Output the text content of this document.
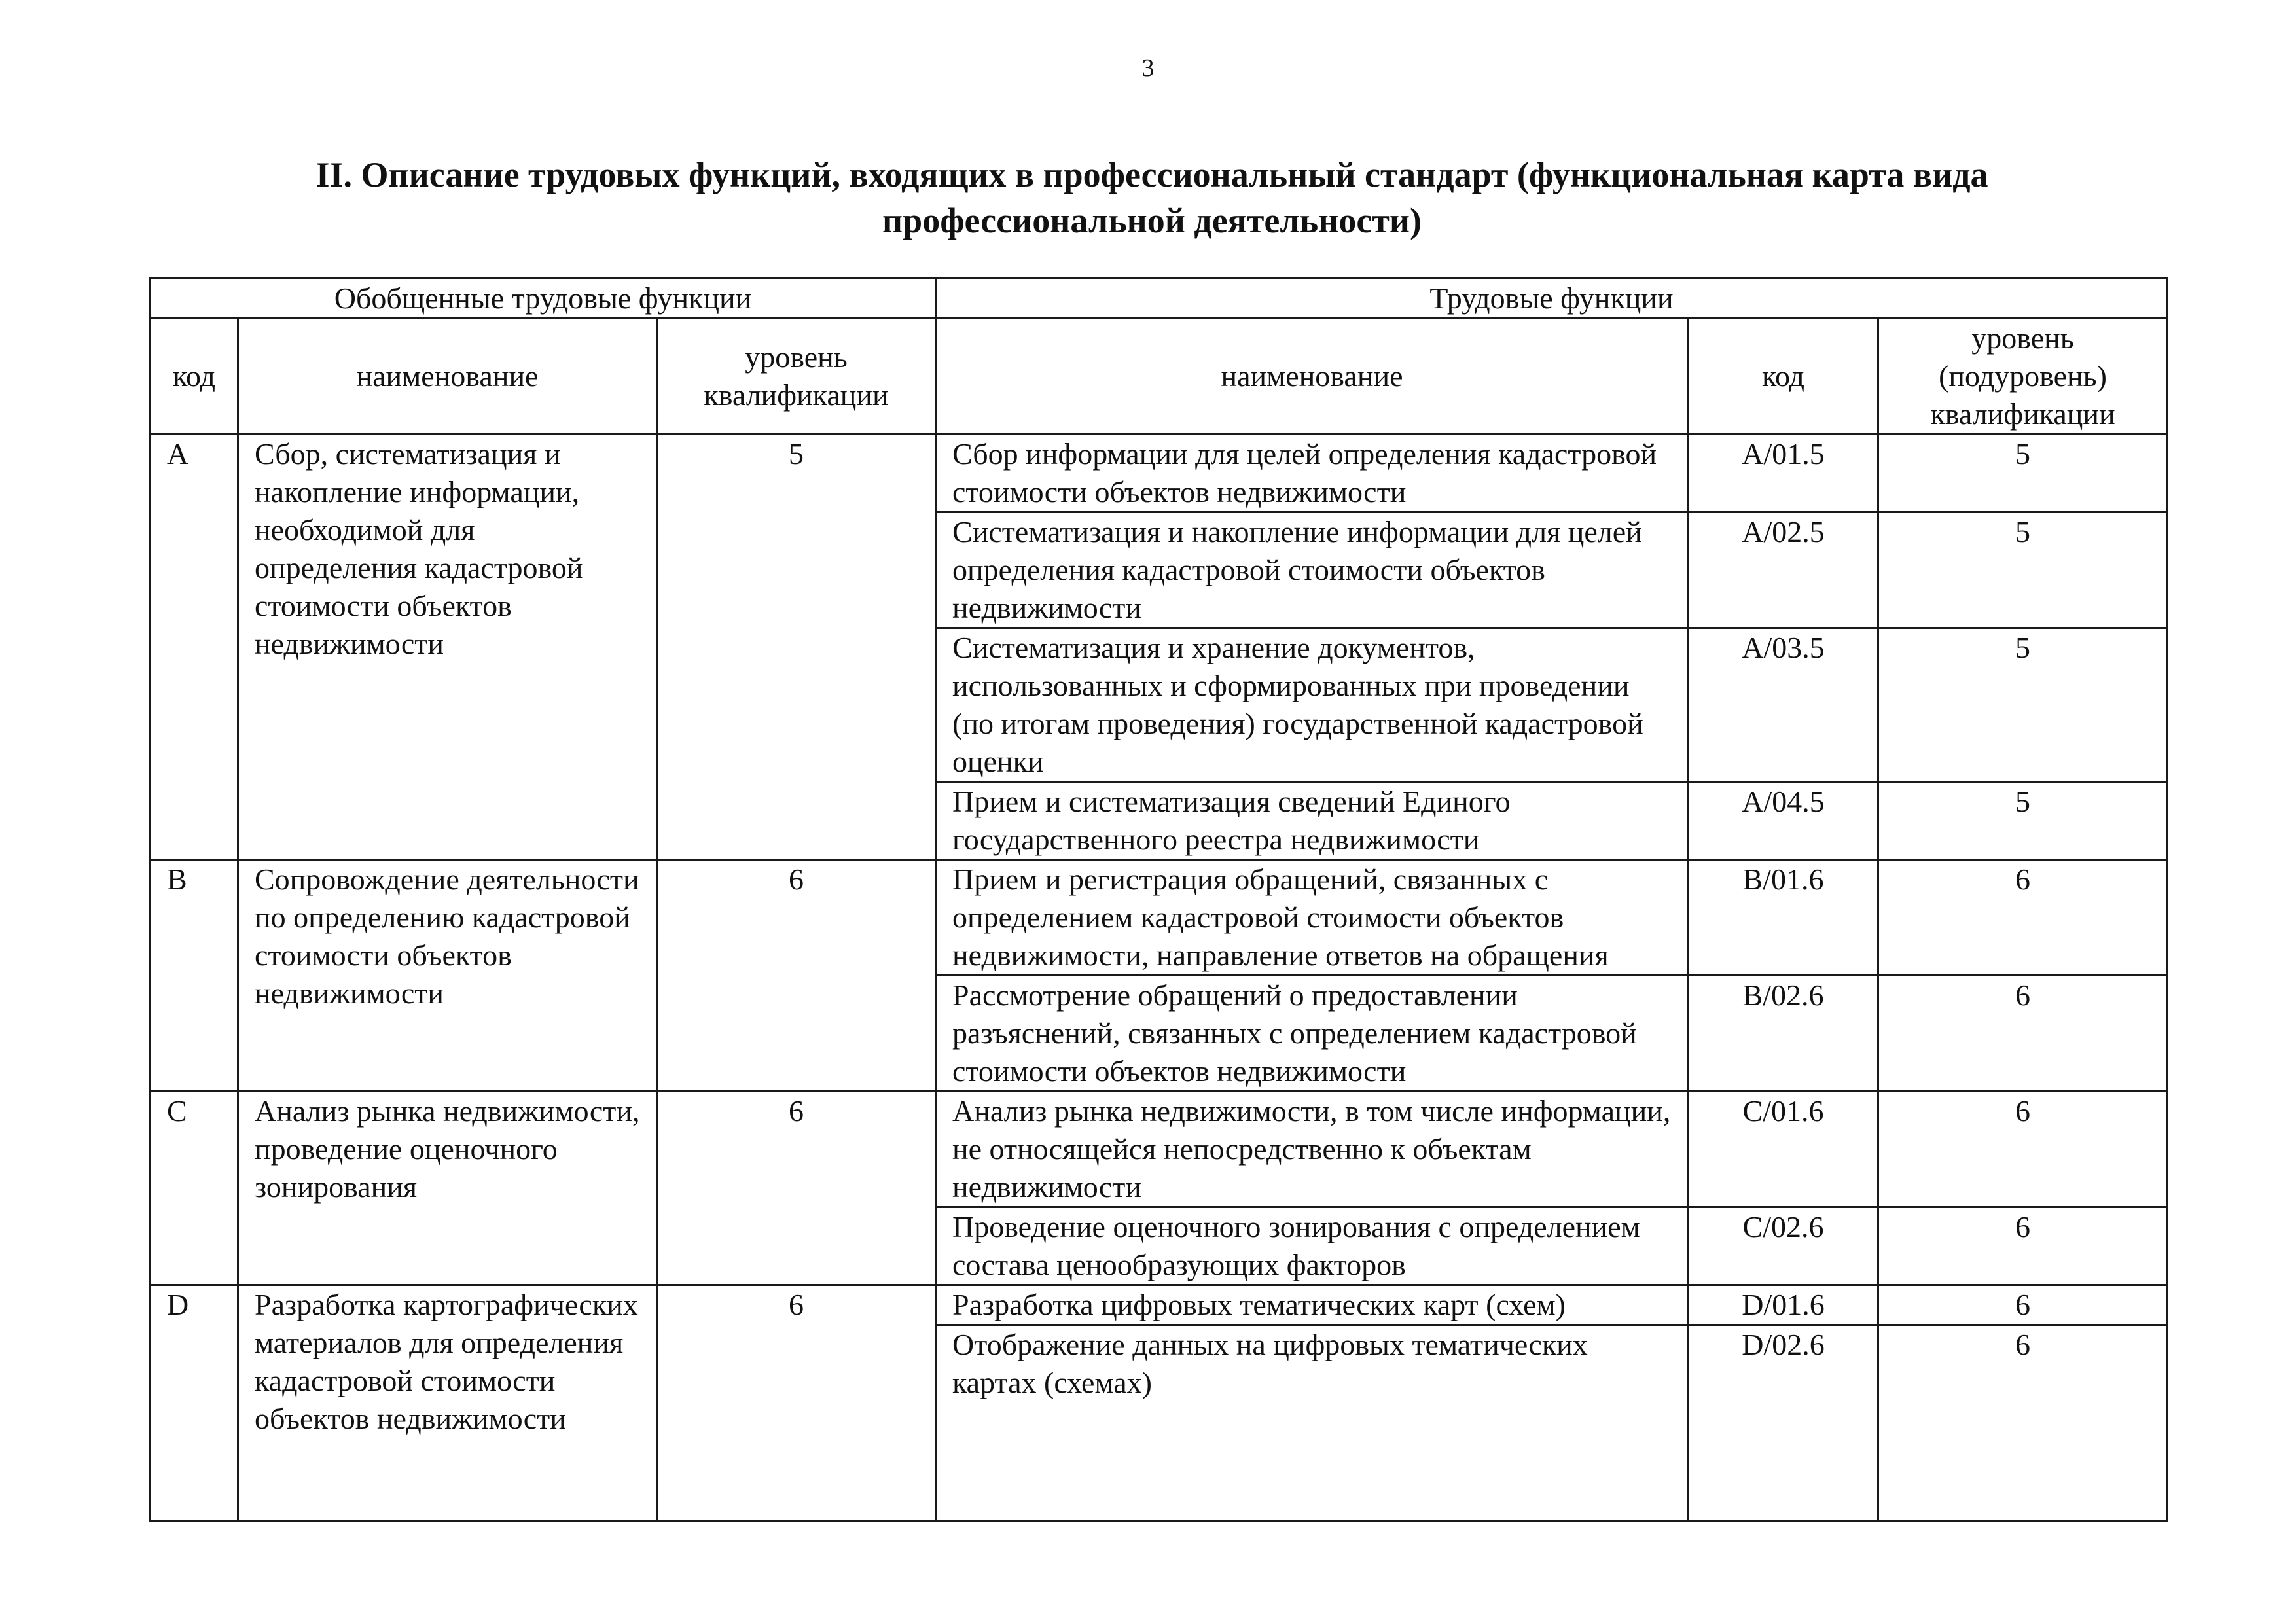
3
II. Описание трудовых функций, входящих в профессиональный стандарт (функциональная карта вида профессиональной деятельности)
Обобщенные трудовые функции			Трудовые функции		
код	наименование	уровень квалификации	наименование	код	уровень (подуровень) квалификации
A	Сбор, систематизация и накопление информации, необходимой для определения кадастровой стоимости объектов недвижимости	5	Сбор информации для целей определения кадастровой стоимости объектов недвижимости	A/01.5	5
			Систематизация и накопление информации для целей определения кадастровой стоимости объектов недвижимости	A/02.5	5
			Систематизация и хранение документов, использованных и сформированных при проведении (по итогам проведения) государственной кадастровой оценки	A/03.5	5
			Прием и систематизация сведений Единого государственного реестра недвижимости	A/04.5	5
B	Сопровождение деятельности по определению кадастровой стоимости объектов недвижимости	6	Прием и регистрация обращений, связанных с определением кадастровой стоимости объектов недвижимости, направление ответов на обращения	B/01.6	6
			Рассмотрение обращений о предоставлении разъяснений, связанных с определением кадастровой стоимости объектов недвижимости	B/02.6	6
C	Анализ рынка недвижимости, проведение оценочного зонирования	6	Анализ рынка недвижимости, в том числе информации, не относящейся непосредственно к объектам недвижимости	C/01.6	6
			Проведение оценочного зонирования с определением состава ценообразующих факторов	C/02.6	6
D	Разработка картографических материалов для определения кадастровой стоимости объектов недвижимости	6	Разработка цифровых тематических карт (схем)	D/01.6	6
			Отображение данных на цифровых тематических картах (схемах)	D/02.6	6
